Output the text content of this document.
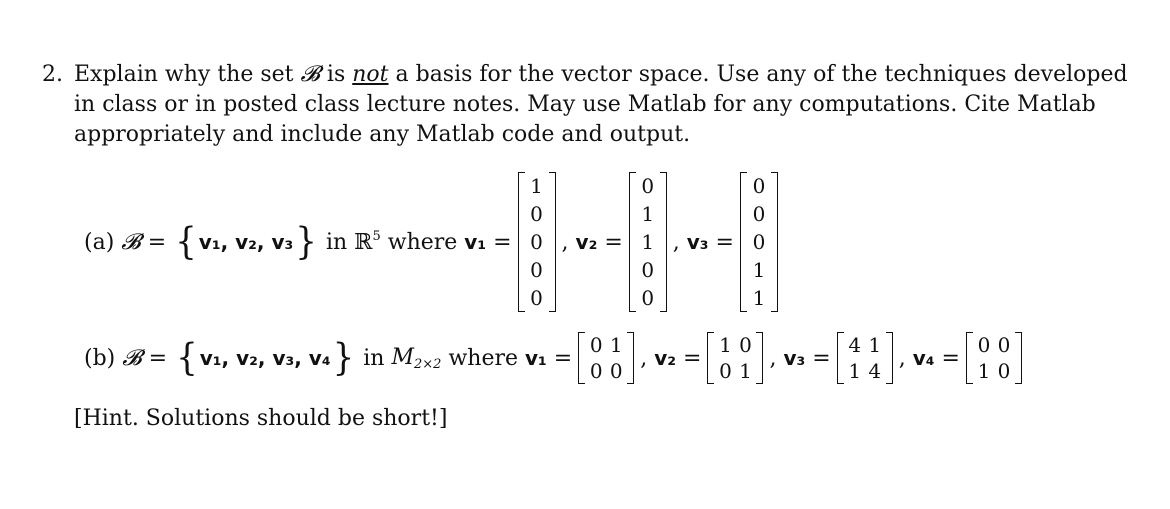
2. Explain why the set 𝓑 is not a basis for the vector space. Use any of the techniques developed
in class or in posted class lecture notes. May use Matlab for any computations. Cite Matlab
appropriately and include any Matlab code and output.
(a)
𝓑
=
{ v₁, v₂, v₃ }
in
ℝ$^5$
where
v₁ =
1
0
0
0
0
, v₂ =
0
1
1
0
0
, v₃ =
0
0
0
1
1
(b)
𝓑
=
{ v₁, v₂, v₃, v₄ }
in
$M_{2\times 2}$
where
v₁ =
0 1
0 0
, v₂ =
1 0
0 1
, v₃ =
4 1
1 4
, v₄ =
0 0
1 0
[Hint. Solutions should be short!]
